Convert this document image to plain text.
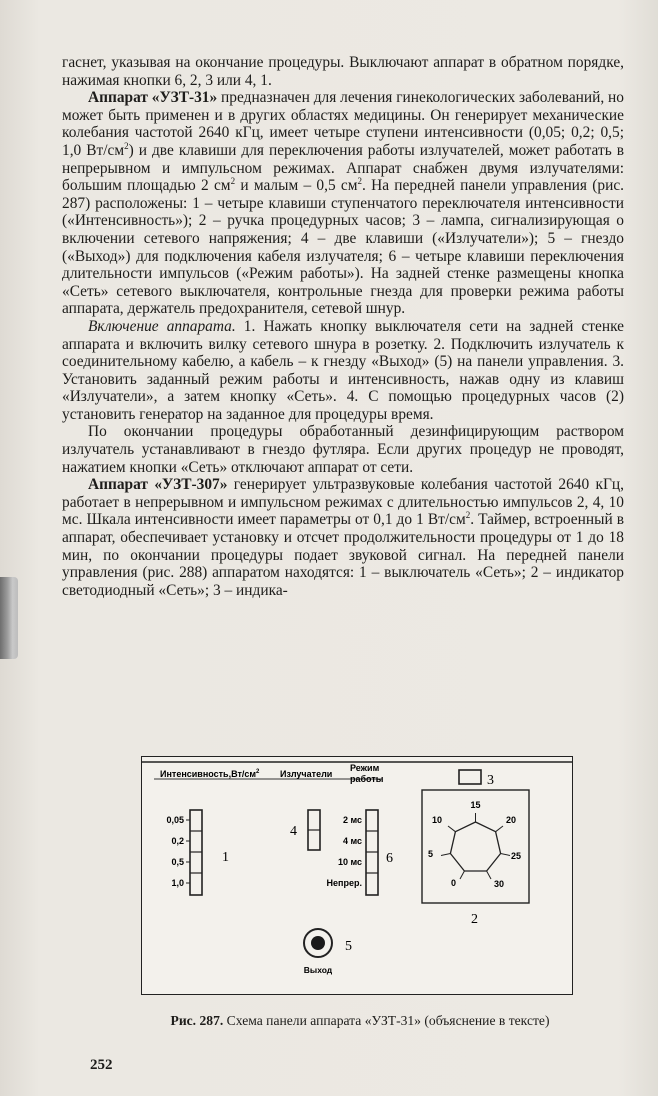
гаснет, указывая на окончание процедуры. Выключают аппарат в обратном порядке, нажимая кнопки 6, 2, 3 или 4, 1.

Аппарат «УЗТ-31» предназначен для лечения гинекологических заболеваний, но может быть применен и в других областях медицины. Он генерирует механические колебания частотой 2640 кГц, имеет четыре ступени интенсивности (0,05; 0,2; 0,5; 1,0 $Вт/см^2$) и две клавиши для переключения работы излучателей, может работать в непрерывном и импульсном режимах. Аппарат снабжен двумя излучателями: большим площадью 2 $см^2$ и малым – 0,5 $см^2$. На передней панели управления (рис. 287) расположены: 1 – четыре клавиши ступенчатого переключателя интенсивности («Интенсивность»); 2 – ручка процедурных часов; 3 – лампа, сигнализирующая о включении сетевого напряжения; 4 – две клавиши («Излучатели»); 5 – гнездо («Выход») для подключения кабеля излучателя; 6 – четыре клавиши переключения длительности импульсов («Режим работы»). На задней стенке размещены кнопка «Сеть» сетевого выключателя, контрольные гнезда для проверки режима работы аппарата, держатель предохранителя, сетевой шнур.

Включение аппарата. 1. Нажать кнопку выключателя сети на задней стенке аппарата и включить вилку сетевого шнура в розетку. 2. Подключить излучатель к соединительному кабелю, а кабель – к гнезду «Выход» (5) на панели управления. 3. Установить заданный режим работы и интенсивность, нажав одну из клавиш «Излучатели», а затем кнопку «Сеть». 4. С помощью процедурных часов (2) установить генератор на заданное для процедуры время.

По окончании процедуры обработанный дезинфицирующим раствором излучатель устанавливают в гнездо футляра. Если других процедур не проводят, нажатием кнопки «Сеть» отключают аппарат от сети.

Аппарат «УЗТ-307» генерирует ультразвуковые колебания частотой 2640 кГц, работает в непрерывном и импульсном режимах с длительностью импульсов 2, 4, 10 мс. Шкала интенсивности имеет параметры от 0,1 до 1 $Вт/см^2$. Таймер, встроенный в аппарат, обеспечивает установку и отсчет продолжительности процедуры от 1 до 18 мин, по окончании процедуры подает звуковой сигнал. На передней панели управления (рис. 288) аппаратом находятся: 1 – выключатель «Сеть»; 2 – индикатор светодиодный «Сеть»; 3 – индика-

$Интенсивность,Вт/см^2$ Излучатели
Режим
работы
0,05
0,2
0,5
1,0
1
4
2 мс
4 мс
10 мс
Непрер.
6
Выход
5
3
15
20
25
30
0
5
10
2
Рис. 287. Схема панели аппарата «УЗТ-31» (объяснение в тексте)
252
